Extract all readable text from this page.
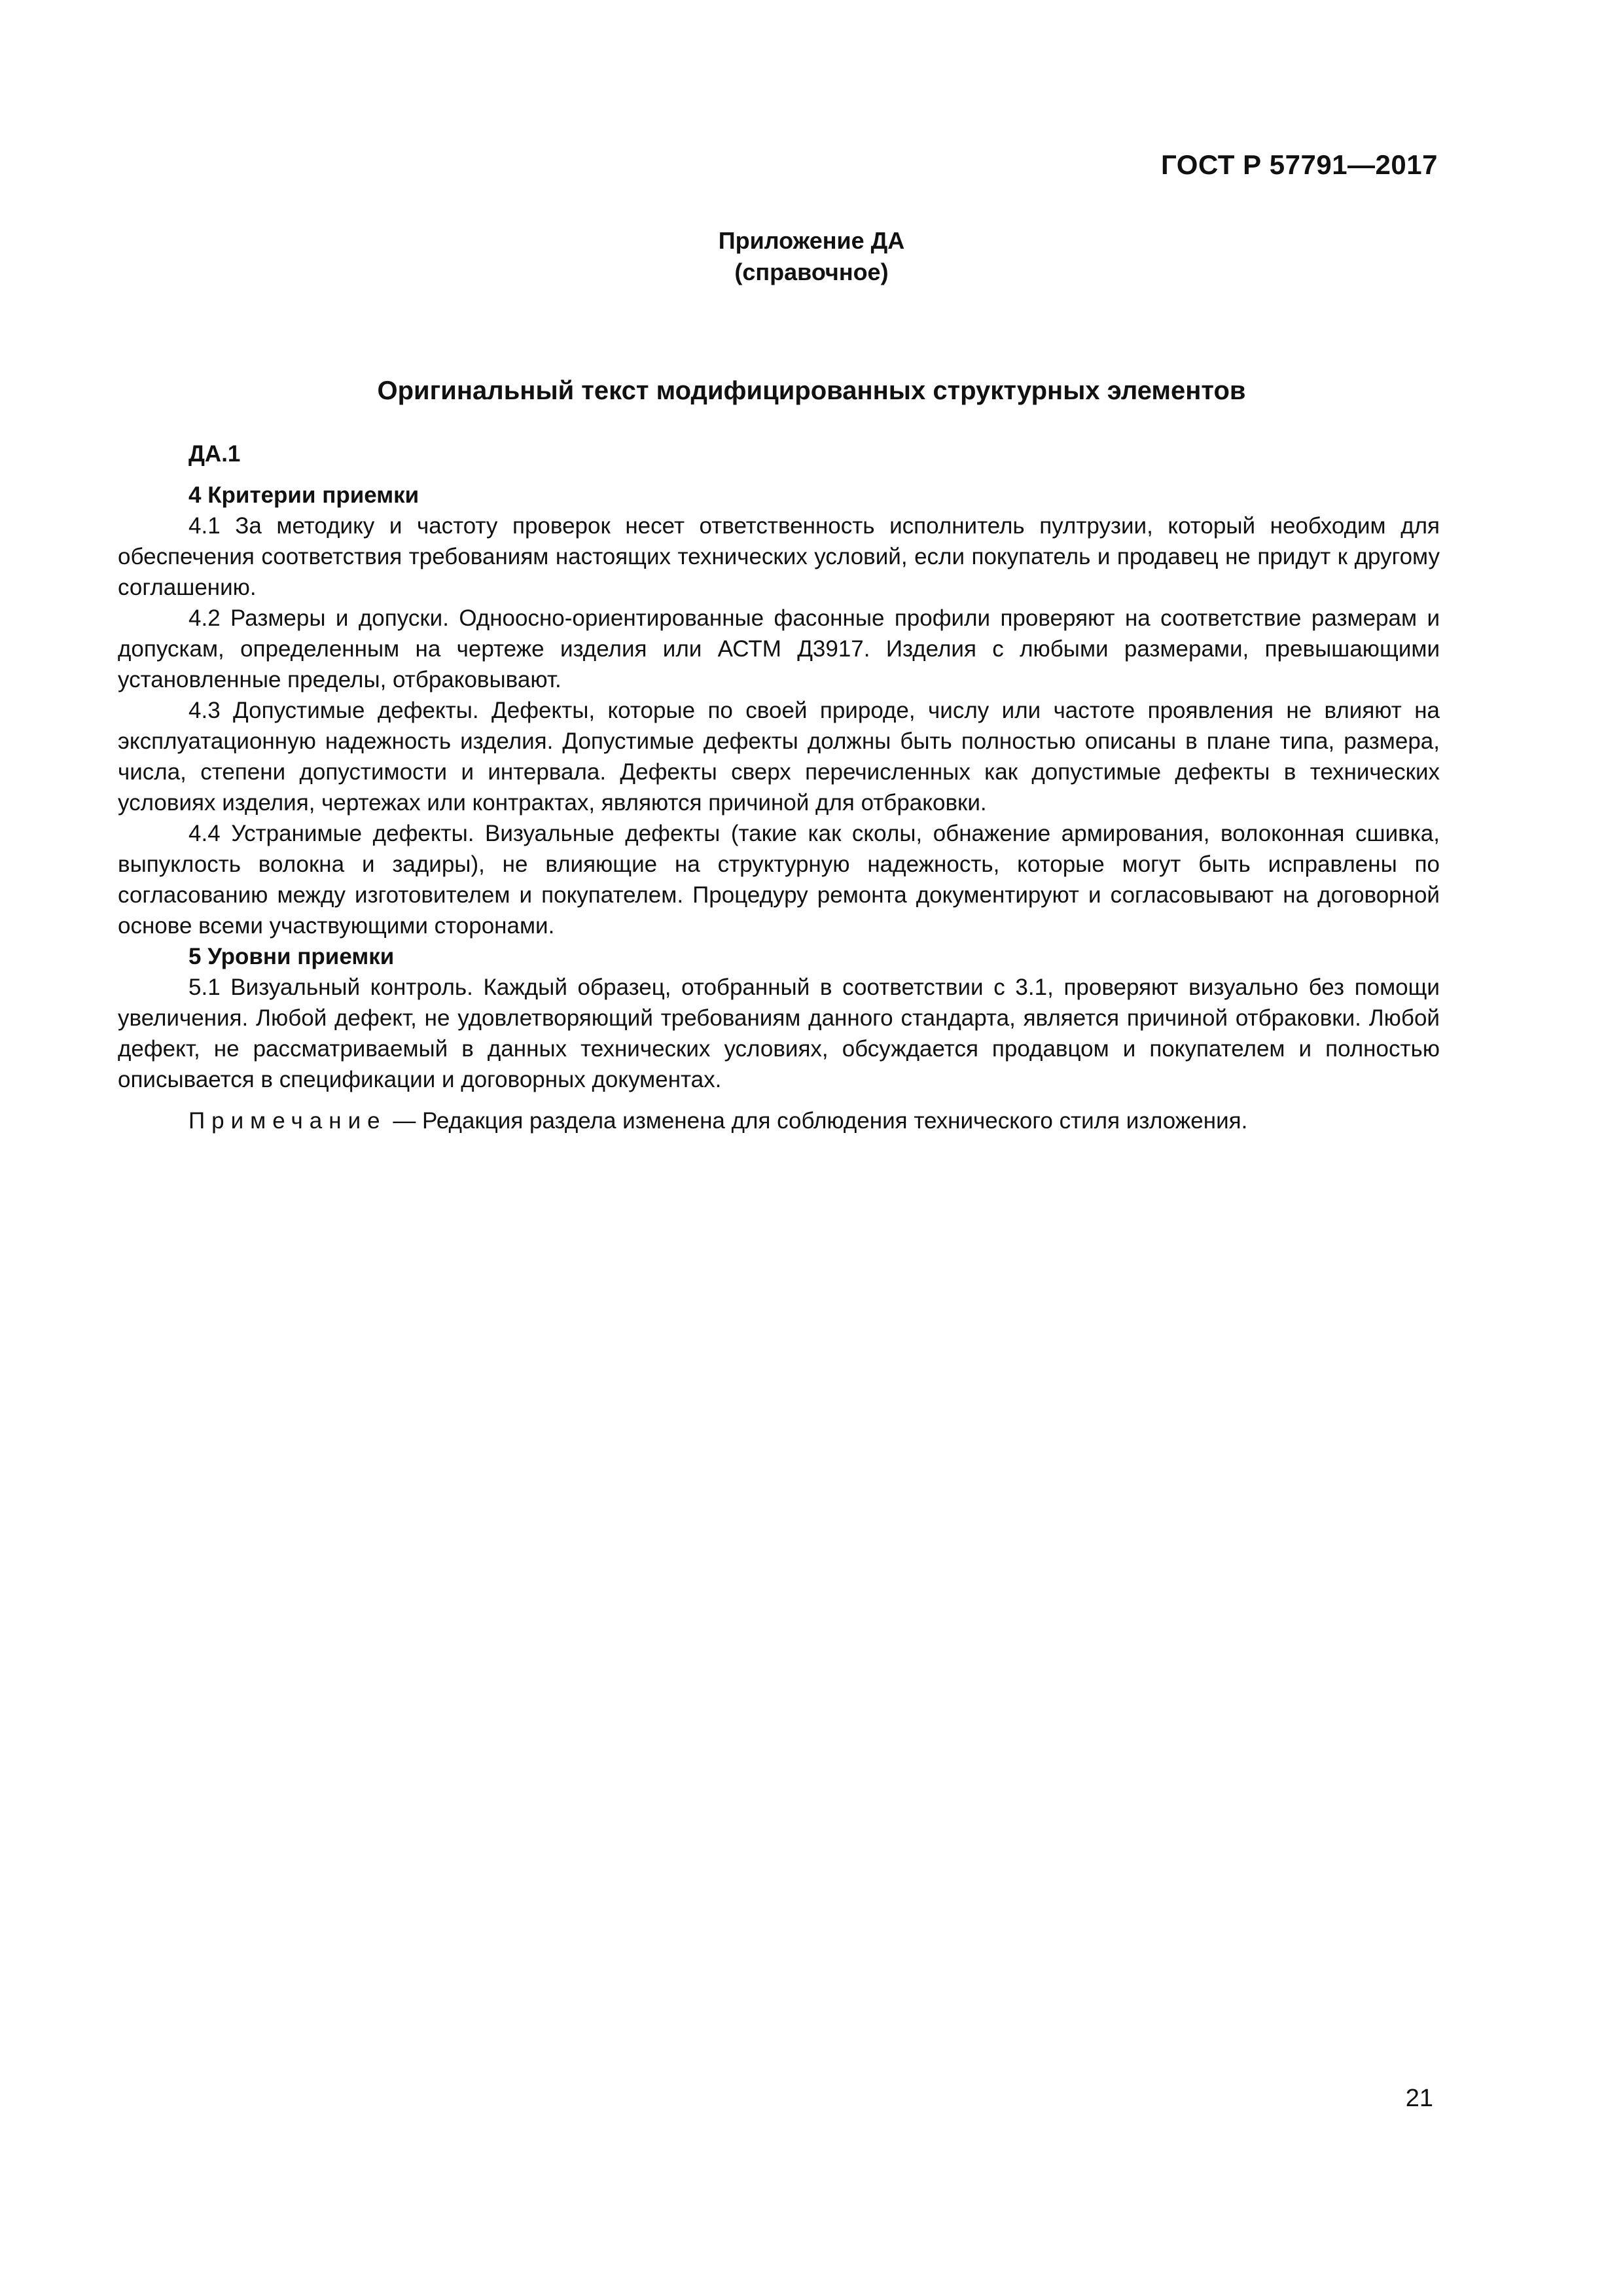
ГОСТ Р 57791—2017
Приложение ДА
(справочное)
Оригинальный текст модифицированных структурных элементов

ДА.1

4 Критерии приемки

4.1 За методику и частоту проверок несет ответственность исполнитель пултрузии, который необходим для обеспечения соответствия требованиям настоящих технических условий, если покупатель и продавец не придут к другому соглашению.

4.2 Размеры и допуски. Одноосно-ориентированные фасонные профили проверяют на соответствие размерам и допускам, определенным на чертеже изделия или АСТМ Д3917. Изделия с любыми размерами, превышающими установленные пределы, отбраковывают.

4.3 Допустимые дефекты. Дефекты, которые по своей природе, числу или частоте проявления не влияют на эксплуатационную надежность изделия. Допустимые дефекты должны быть полностью описаны в плане типа, размера, числа, степени допустимости и интервала. Дефекты сверх перечисленных как допустимые дефекты в технических условиях изделия, чертежах или контрактах, являются причиной для отбраковки.

4.4 Устранимые дефекты. Визуальные дефекты (такие как сколы, обнажение армирования, волоконная сшивка, выпуклость волокна и задиры), не влияющие на структурную надежность, которые могут быть исправлены по согласованию между изготовителем и покупателем. Процедуру ремонта документируют и согласовывают на договорной основе всеми участвующими сторонами.

5 Уровни приемки

5.1 Визуальный контроль. Каждый образец, отобранный в соответствии с 3.1, проверяют визуально без помощи увеличения. Любой дефект, не удовлетворяющий требованиям данного стандарта, является причиной отбраковки. Любой дефект, не рассматриваемый в данных технических условиях, обсуждается продавцом и покупателем и полностью описывается в спецификации и договорных документах.

Примечание — Редакция раздела изменена для соблюдения технического стиля изложения.

21
